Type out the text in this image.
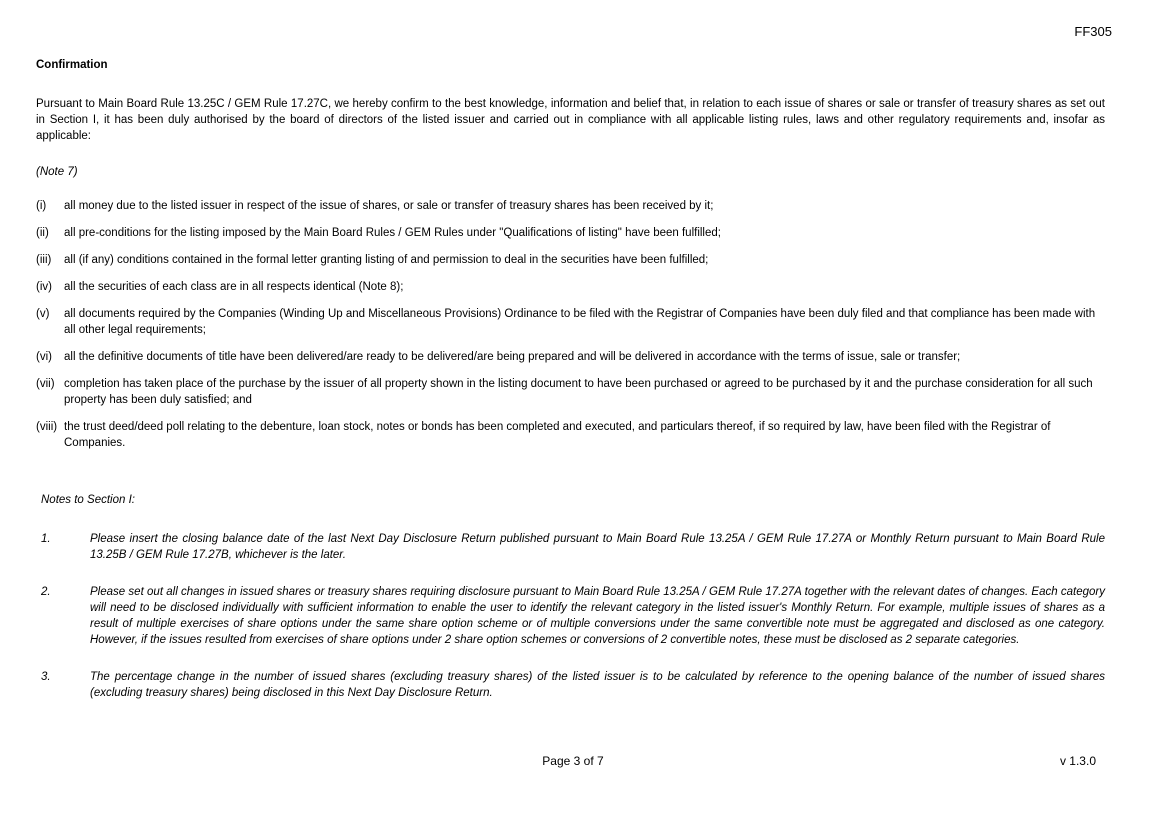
FF305
Confirmation
Pursuant to Main Board Rule 13.25C / GEM Rule 17.27C, we hereby confirm to the best knowledge, information and belief that, in relation to each issue of shares or sale or transfer of treasury shares as set out in Section I, it has been duly authorised by the board of directors of the listed issuer and carried out in compliance with all applicable listing rules, laws and other regulatory requirements and, insofar as applicable:
(Note 7)
(i)	all money due to the listed issuer in respect of the issue of shares, or sale or transfer of treasury shares has been received by it;
(ii)	all pre-conditions for the listing imposed by the Main Board Rules / GEM Rules under "Qualifications of listing" have been fulfilled;
(iii)	all (if any) conditions contained in the formal letter granting listing of and permission to deal in the securities have been fulfilled;
(iv)	all the securities of each class are in all respects identical (Note 8);
(v)	all documents required by the Companies (Winding Up and Miscellaneous Provisions) Ordinance to be filed with the Registrar of Companies have been duly filed and that compliance has been made with all other legal requirements;
(vi)	all the definitive documents of title have been delivered/are ready to be delivered/are being prepared and will be delivered in accordance with the terms of issue, sale or transfer;
(vii) completion has taken place of the purchase by the issuer of all property shown in the listing document to have been purchased or agreed to be purchased by it and the purchase consideration for all such property has been duly satisfied; and
(viii) the trust deed/deed poll relating to the debenture, loan stock, notes or bonds has been completed and executed, and particulars thereof, if so required by law, have been filed with the Registrar of Companies.
Notes to Section I:
1.	Please insert the closing balance date of the last Next Day Disclosure Return published pursuant to Main Board Rule 13.25A / GEM Rule 17.27A or Monthly Return pursuant to Main Board Rule 13.25B / GEM Rule 17.27B, whichever is the later.
2.	Please set out all changes in issued shares or treasury shares requiring disclosure pursuant to Main Board Rule 13.25A / GEM Rule 17.27A together with the relevant dates of changes. Each category will need to be disclosed individually with sufficient information to enable the user to identify the relevant category in the listed issuer's Monthly Return. For example, multiple issues of shares as a result of multiple exercises of share options under the same share option scheme or of multiple conversions under the same convertible note must be aggregated and disclosed as one category. However, if the issues resulted from exercises of share options under 2 share option schemes or conversions of 2 convertible notes, these must be disclosed as 2 separate categories.
3.	The percentage change in the number of issued shares (excluding treasury shares) of the listed issuer is to be calculated by reference to the opening balance of the number of issued shares (excluding treasury shares) being disclosed in this Next Day Disclosure Return.
Page 3 of 7	v 1.3.0
